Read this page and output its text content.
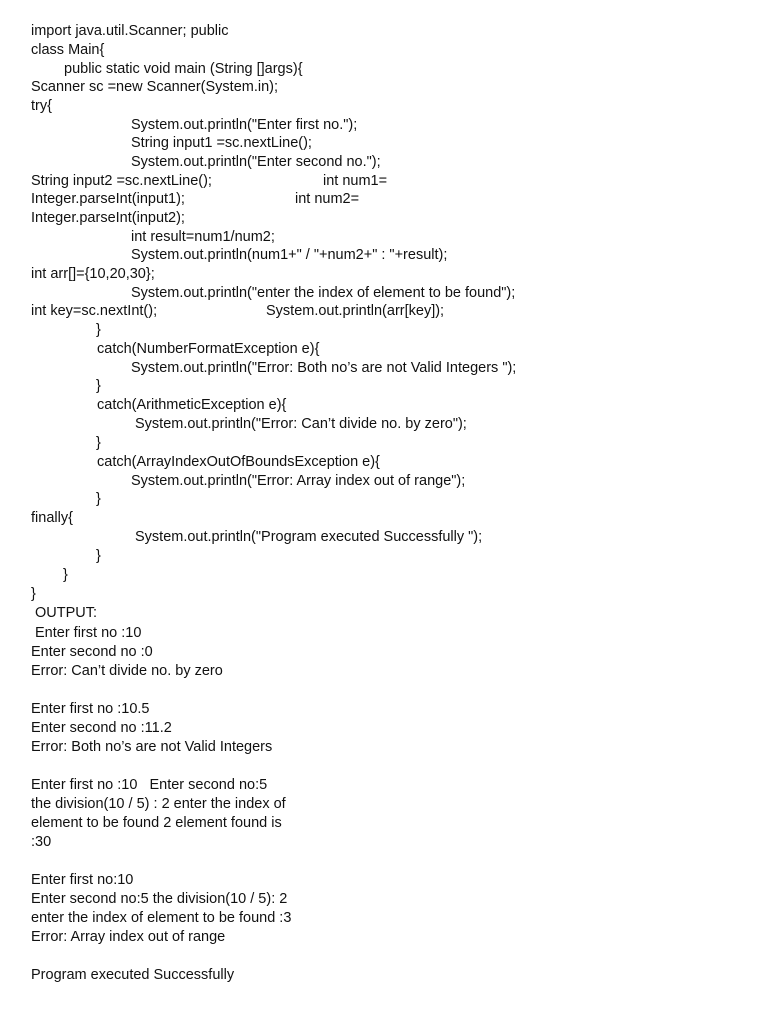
import java.util.Scanner; public
class Main{
public static void main (String []args){
Scanner sc =new Scanner(System.in);
try{
System.out.println("Enter first no.");
String input1 =sc.nextLine();
System.out.println("Enter second no.");
String input2 =sc.nextLine();	int num1=
Integer.parseInt(input1);	int num2=
Integer.parseInt(input2);
int result=num1/num2;
System.out.println(num1+" / "+num2+" : "+result);
int arr[]={10,20,30};
System.out.println("enter the index of element to be found");
int key=sc.nextInt();	System.out.println(arr[key]);
}
catch(NumberFormatException e){
System.out.println("Error: Both no’s are not Valid Integers ");
}
catch(ArithmeticException e){
System.out.println("Error: Can’t divide no. by zero");
}
catch(ArrayIndexOutOfBoundsException e){
System.out.println("Error: Array index out of range");
}
finally{
System.out.println("Program executed Successfully ");
}
}
}
OUTPUT:
Enter first no :10
Enter second no :0
Error: Can’t divide no. by zero
Enter first no :10.5
Enter second no :11.2
Error: Both no’s are not Valid Integers
Enter first no :10   Enter second no:5
the division(10 / 5) : 2 enter the index of
element to be found 2 element found is
:30
Enter first no:10
Enter second no:5 the division(10 / 5): 2
enter the index of element to be found :3
Error: Array index out of range
Program executed Successfully
